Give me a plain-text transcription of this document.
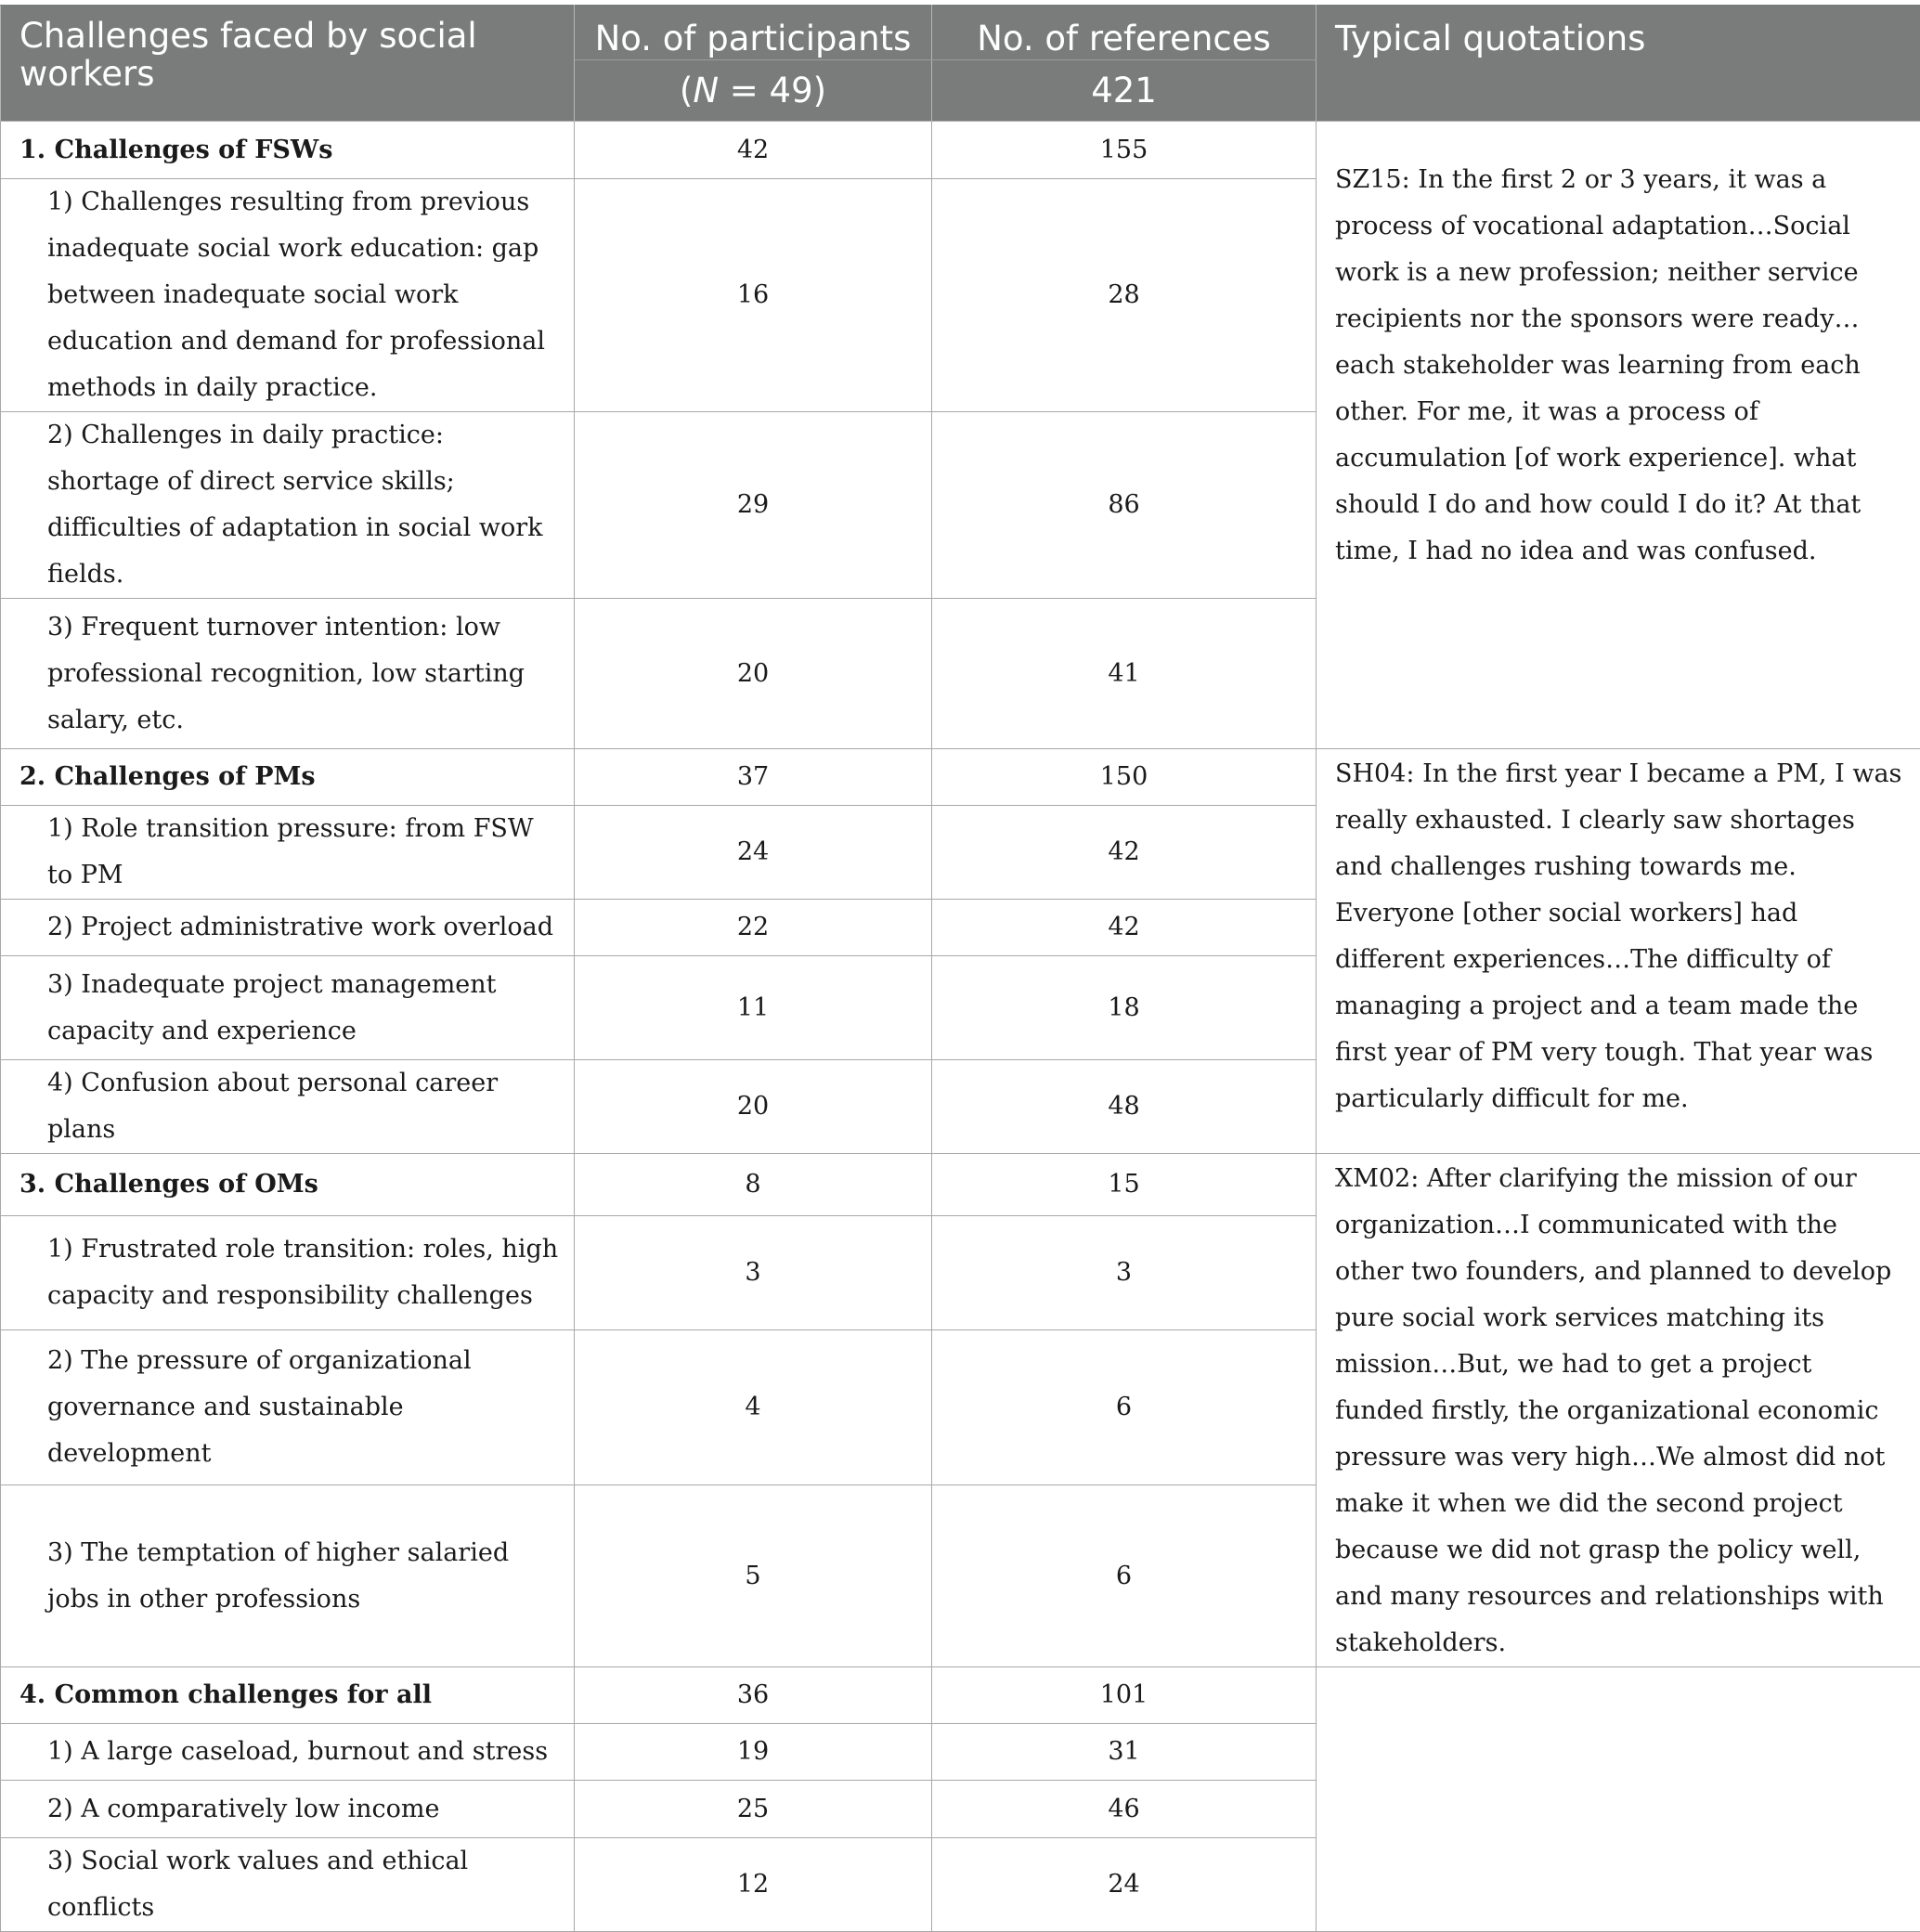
Challenges faced by social workers	No. of participants	No. of references	Typical quotations
	(N = 49)	421	
1. Challenges of FSWs	42	155	SZ15: In the first 2 or 3 years, it was a process of vocational adaptation…Social work is a new profession; neither service recipients nor the sponsors were ready…each stakeholder was learning from each other. For me, it was a process of accumulation [of work experience]. what should I do and how could I do it? At that time, I had no idea and was confused.
1) Challenges resulting from previous inadequate social work education: gap between inadequate social work education and demand for professional methods in daily practice.	16	28	
2) Challenges in daily practice: shortage of direct service skills; difficulties of adaptation in social work fields.	29	86	
3) Frequent turnover intention: low professional recognition, low starting salary, etc.	20	41	
2. Challenges of PMs	37	150	SH04: In the first year I became a PM, I was really exhausted. I clearly saw shortages and challenges rushing towards me. Everyone [other social workers] had different experiences…The difficulty of managing a project and a team made the first year of PM very tough. That year was particularly difficult for me.
1) Role transition pressure: from FSW to PM	24	42	
2) Project administrative work overload	22	42	
3) Inadequate project management capacity and experience	11	18	
4) Confusion about personal career plans	20	48	
3. Challenges of OMs	8	15	XM02: After clarifying the mission of our organization…I communicated with the other two founders, and planned to develop pure social work services matching its mission…But, we had to get a project funded firstly, the organizational economic pressure was very high…We almost did not make it when we did the second project because we did not grasp the policy well, and many resources and relationships with stakeholders.
1) Frustrated role transition: roles, high capacity and responsibility challenges	3	3	
2) The pressure of organizational governance and sustainable development	4	6	
3) The temptation of higher salaried jobs in other professions	5	6	
4. Common challenges for all	36	101	
1) A large caseload, burnout and stress	19	31	
2) A comparatively low income	25	46	
3) Social work values and ethical conflicts	12	24	
